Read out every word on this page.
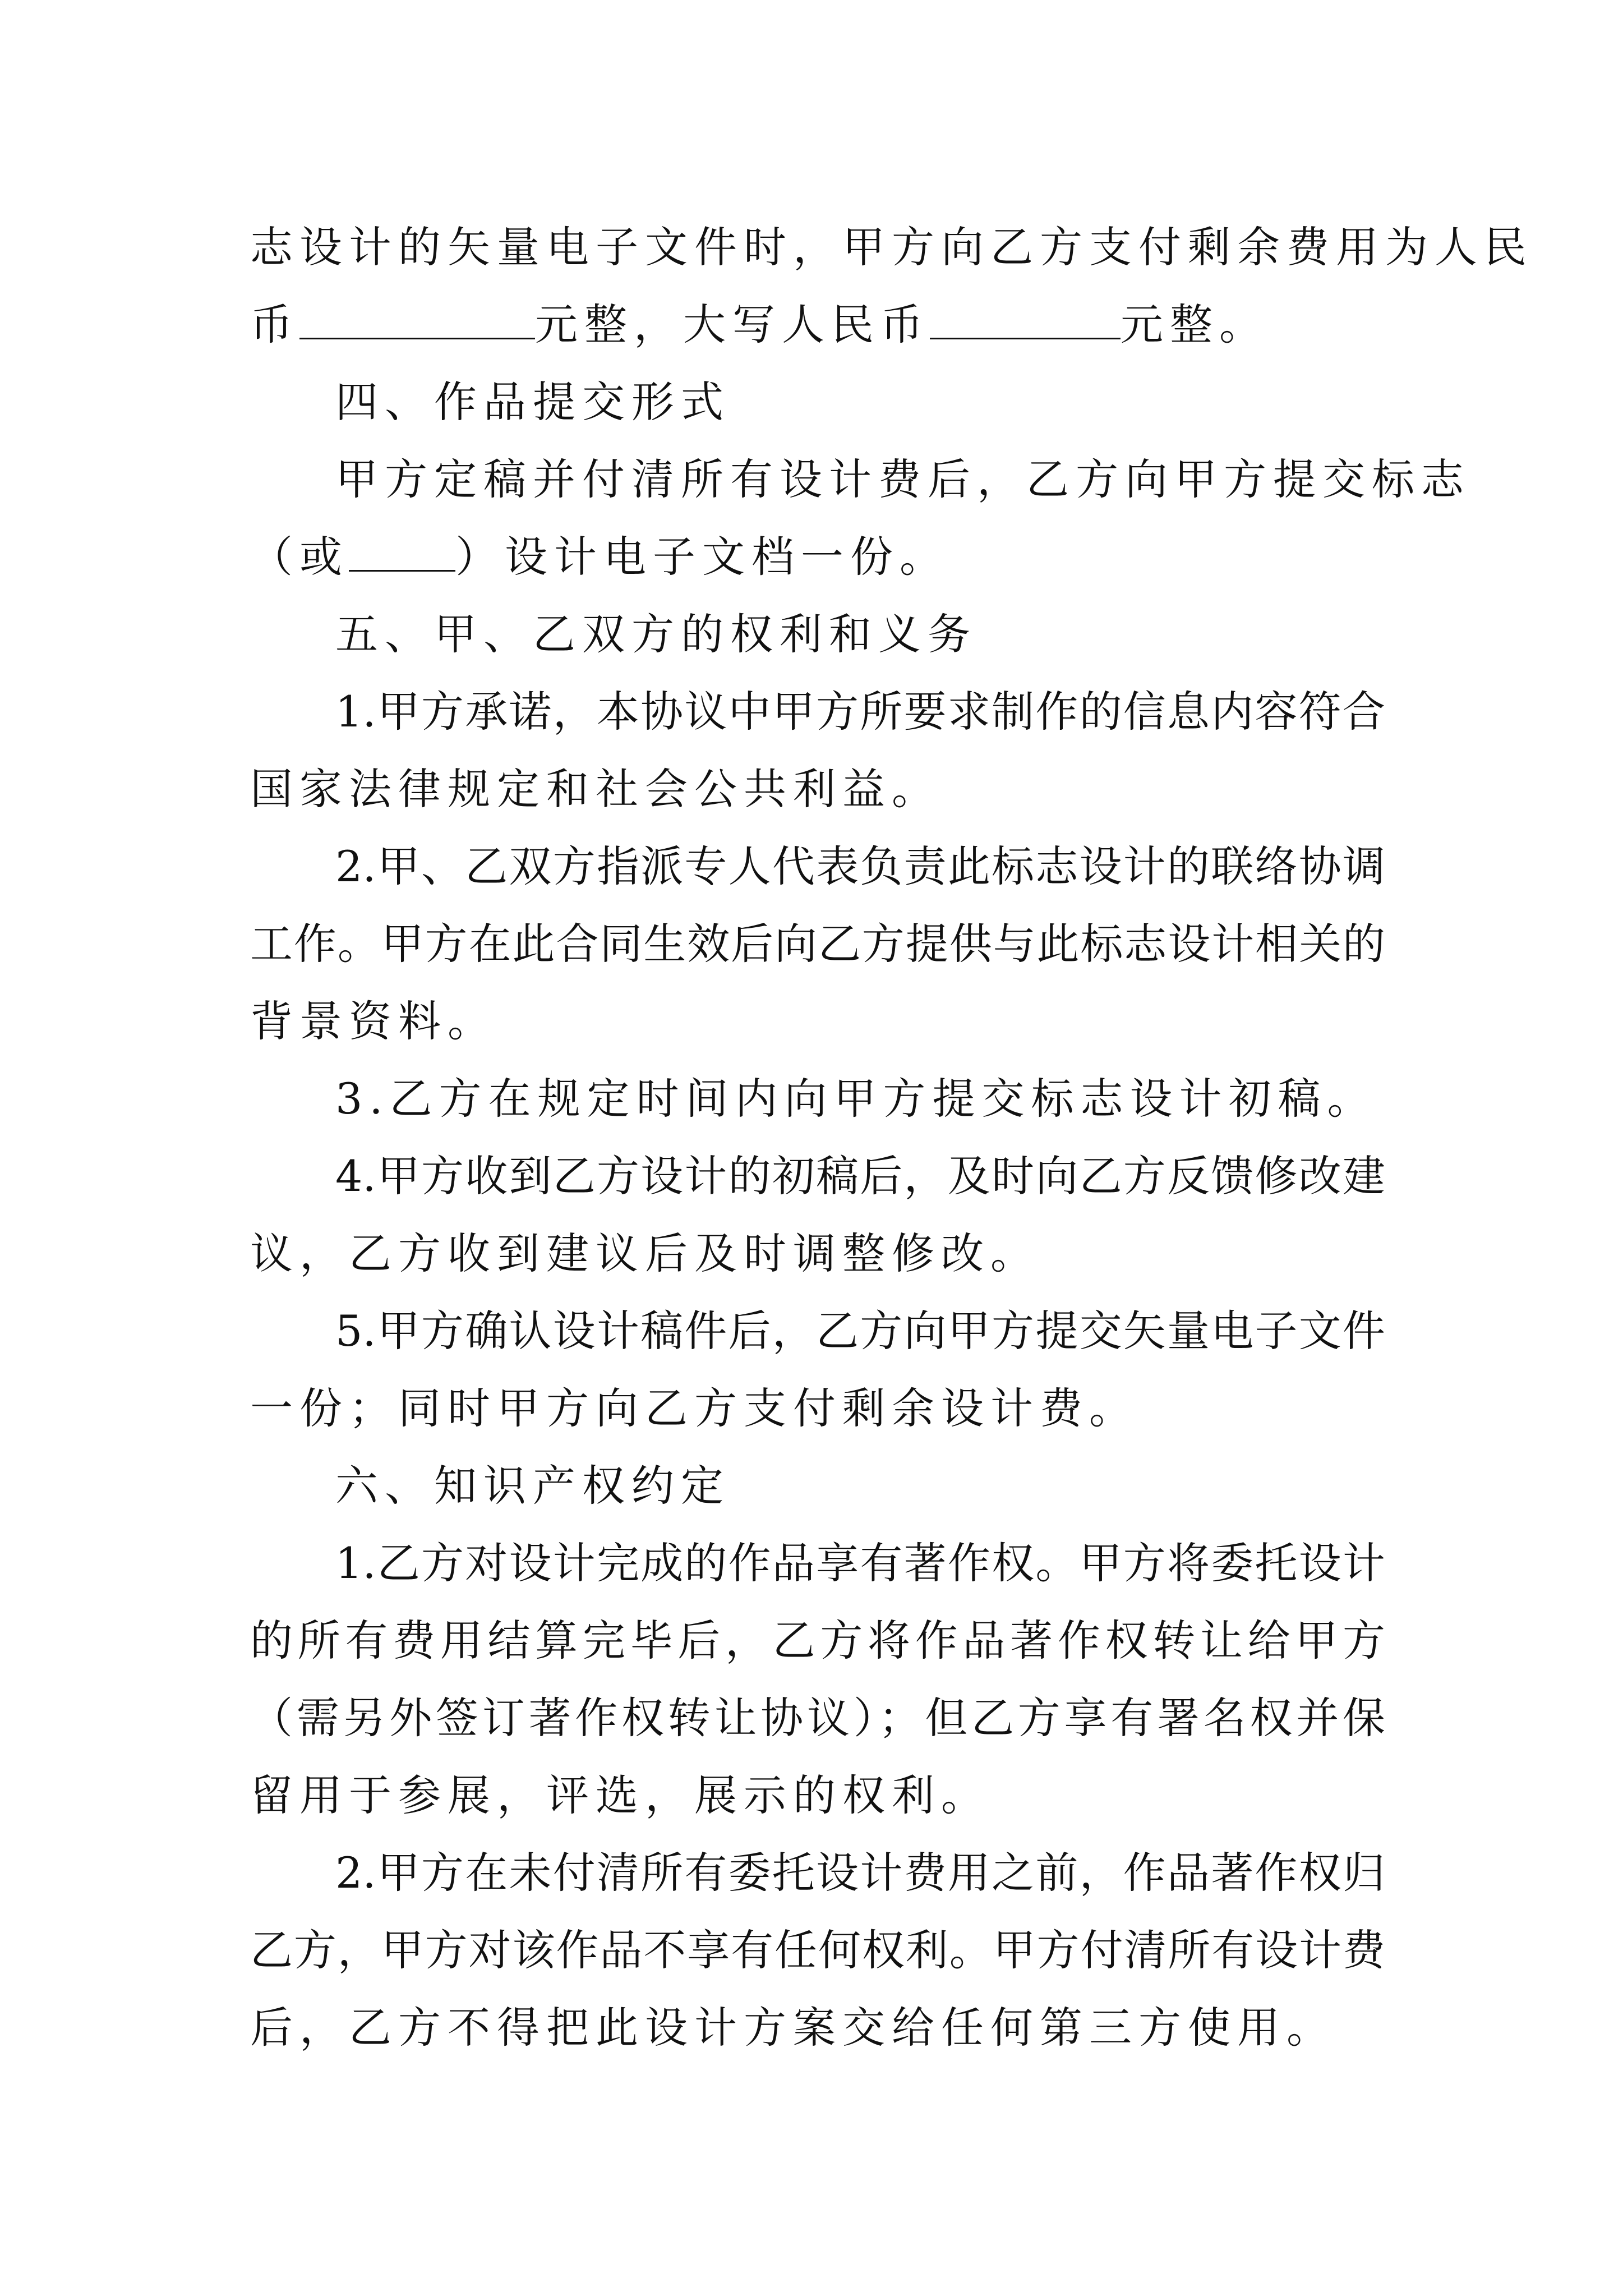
志设计的矢量电子文件时，甲方向乙方支付剩余费用为人民
币	元整，大写人民币	元整。
四、作品提交形式
甲方定稿并付清所有设计费后，乙方向甲方提交标志
（或	）设计电子文档一份。
五、甲、乙双方的权利和义务
1.甲方承诺，本协议中甲方所要求制作的信息内容符合
国家法律规定和社会公共利益。
2.甲、乙双方指派专人代表负责此标志设计的联络协调
工作。甲方在此合同生效后向乙方提供与此标志设计相关的
背景资料。
3.乙方在规定时间内向甲方提交标志设计初稿。
4.甲方收到乙方设计的初稿后，及时向乙方反馈修改建
议，乙方收到建议后及时调整修改。
5.甲方确认设计稿件后，乙方向甲方提交矢量电子文件
一份；同时甲方向乙方支付剩余设计费。
六、知识产权约定
1.乙方对设计完成的作品享有著作权。甲方将委托设计
的所有费用结算完毕后，乙方将作品著作权转让给甲方
（需另外签订著作权转让协议）；但乙方享有署名权并保
留用于参展，评选，展示的权利。
2.甲方在未付清所有委托设计费用之前，作品著作权归
乙方，甲方对该作品不享有任何权利。甲方付清所有设计费
后，乙方不得把此设计方案交给任何第三方使用。
